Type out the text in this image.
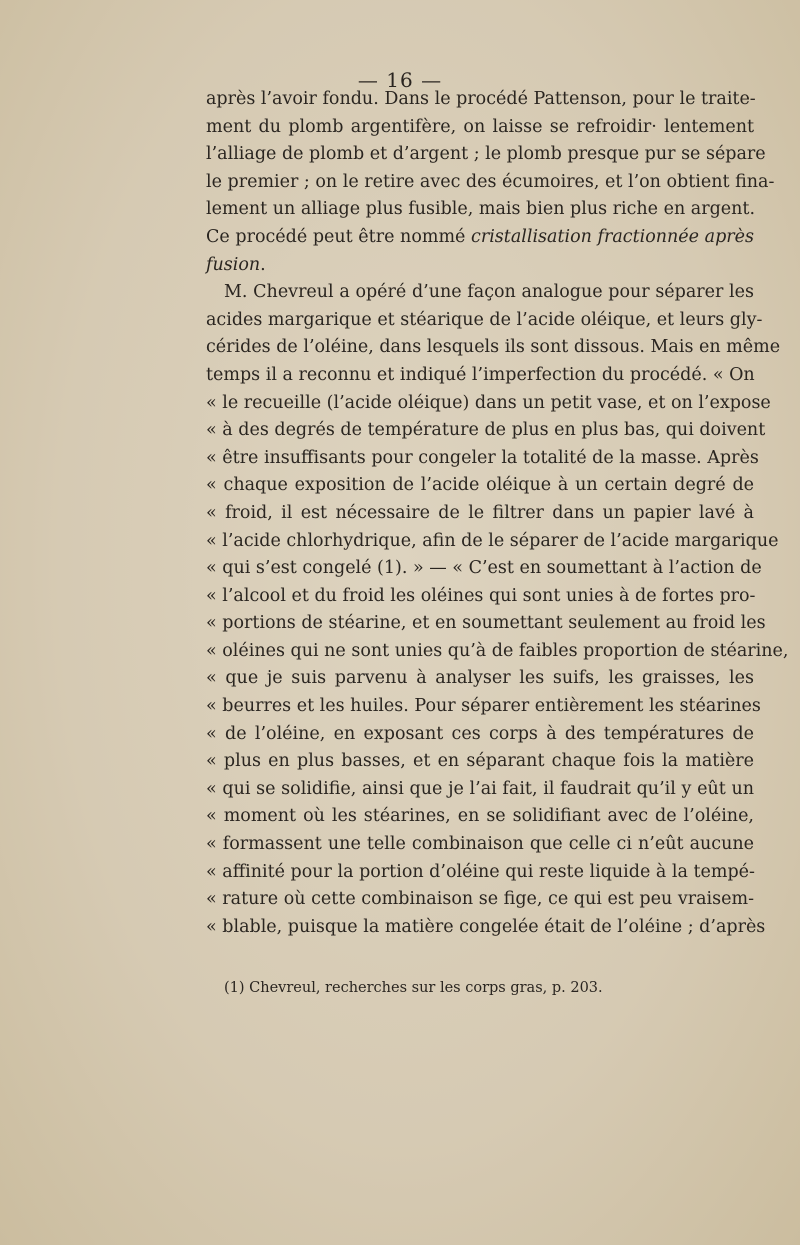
— 16 —
après l’avoir fondu. Dans le procédé Pattenson, pour le traite-
ment du plomb argentifère, on laisse se refroidir· lentement
l’alliage de plomb et d’argent ; le plomb presque pur se sépare
le premier ; on le retire avec des écumoires, et l’on obtient fina-
lement un alliage plus fusible, mais bien plus riche en argent.
Ce procédé peut être nommé cristallisation fractionnée après
fusion.
M. Chevreul a opéré d’une façon analogue pour séparer les
acides margarique et stéarique de l’acide oléique, et leurs gly-
cérides de l’oléine, dans lesquels ils sont dissous. Mais en même
temps il a reconnu et indiqué l’imperfection du procédé. « On
« le recueille (l’acide oléique) dans un petit vase, et on l’expose
« à des degrés de température de plus en plus bas, qui doivent
« être insuffisants pour congeler la totalité de la masse. Après
« chaque exposition de l’acide oléique à un certain degré de
« froid, il est nécessaire de le filtrer dans un papier lavé à
« l’acide chlorhydrique, afin de le séparer de l’acide margarique
« qui s’est congelé (1). » — « C’est en soumettant à l’action de
« l’alcool et du froid les oléines qui sont unies à de fortes pro-
« portions de stéarine, et en soumettant seulement au froid les
« oléines qui ne sont unies qu’à de faibles proportion de stéarine,
« que je suis parvenu à analyser les suifs, les graisses, les
« beurres et les huiles. Pour séparer entièrement les stéarines
« de l’oléine, en exposant ces corps à des températures de
« plus en plus basses, et en séparant chaque fois la matière
« qui se solidifie, ainsi que je l’ai fait, il faudrait qu’il y eût un
« moment où les stéarines, en se solidifiant avec de l’oléine,
« formassent une telle combinaison que celle ci n’eût aucune
« affinité pour la portion d’oléine qui reste liquide à la tempé-
« rature où cette combinaison se fige, ce qui est peu vraisem-
« blable, puisque la matière congelée était de l’oléine ; d’après
(1) Chevreul, recherches sur les corps gras, p. 203.
